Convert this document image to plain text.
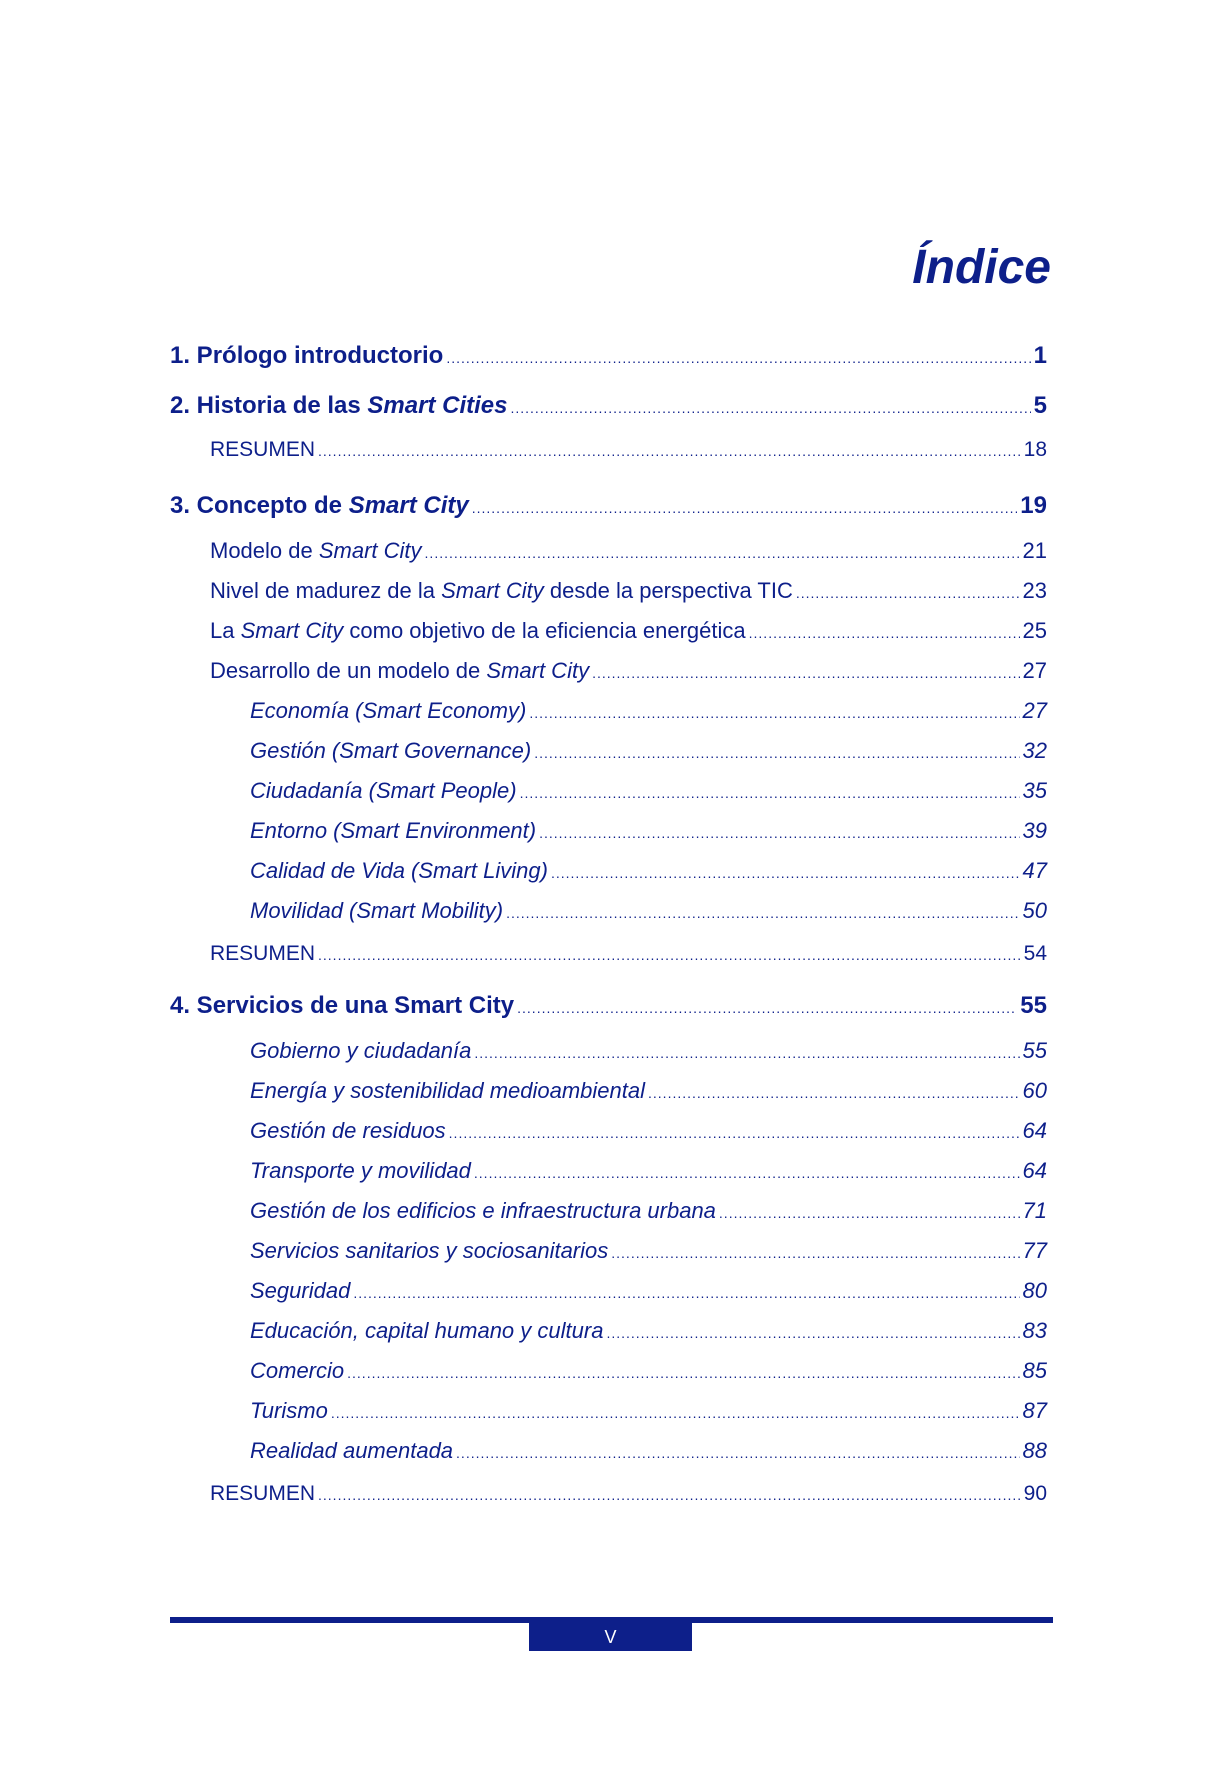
Índice
1. Prólogo introductorio .....	1
2. Historia de las Smart Cities .....	5
RESUMEN .....	18
3. Concepto de Smart City .....	19
Modelo de Smart City .....	21
Nivel de madurez de la Smart City desde la perspectiva TIC .....	23
La Smart City como objetivo de la eficiencia energética .....	25
Desarrollo de un modelo de Smart City .....	27
Economía (Smart Economy) .....	27
Gestión (Smart Governance) .....	32
Ciudadanía (Smart People) .....	35
Entorno (Smart Environment) .....	39
Calidad de Vida (Smart Living) .....	47
Movilidad (Smart Mobility) .....	50
RESUMEN .....	54
4. Servicios de una Smart City .....	55
Gobierno y ciudadanía .....	55
Energía y sostenibilidad medioambiental .....	60
Gestión de residuos .....	64
Transporte y movilidad .....	64
Gestión de los edificios e infraestructura urbana .....	71
Servicios sanitarios y sociosanitarios .....	77
Seguridad .....	80
Educación, capital humano y cultura .....	83
Comercio .....	85
Turismo .....	87
Realidad aumentada .....	88
RESUMEN .....	90
V
